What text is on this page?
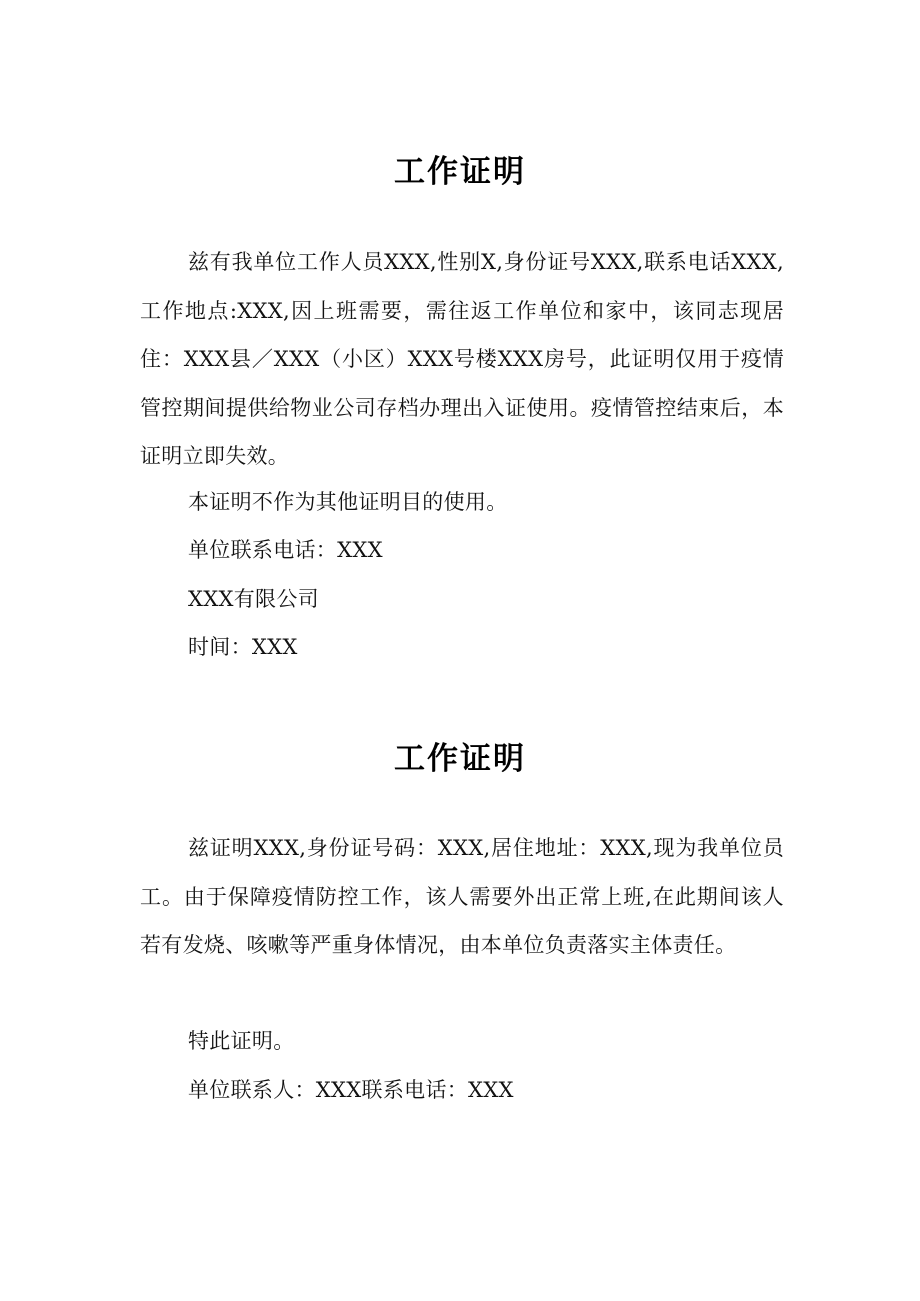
工作证明

兹有我单位工作人员XXX,性别X,身份证号XXX,联系电话XXX,工作地点:XXX,因上班需要，需往返工作单位和家中，该同志现居住：XXX县／XXX（小区）XXX号楼XXX房号，此证明仅用于疫情管控期间提供给物业公司存档办理出入证使用。疫情管控结束后，本证明立即失效。

本证明不作为其他证明目的使用。
单位联系电话：XXX
XXX有限公司
时间：XXX
工作证明

兹证明XXX,身份证号码：XXX,居住地址：XXX,现为我单位员工。由于保障疫情防控工作，该人需要外出正常上班,在此期间该人若有发烧、咳嗽等严重身体情况，由本单位负责落实主体责任。

特此证明。
单位联系人：XXX联系电话：XXX
